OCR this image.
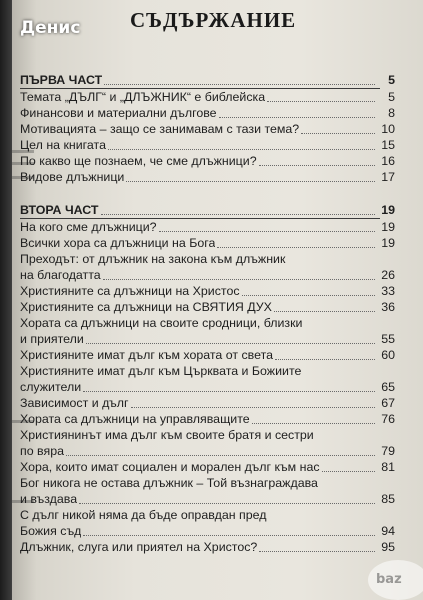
Денис СЪДЪРЖАНИЕ
ПЪРВА ЧАСТ	5
Темата „ДЪЛГ“ и „ДЛЪЖНИК“ е библейска	5
Финансови и материални дългове	8
Мотивацията – защо се занимавам с тази тема?	10
Цел на книгата	15
По какво ще познаем, че сме длъжници?	16
Видове длъжници	17
ВТОРА ЧАСТ	19
На кого сме длъжници?	19
Всички хора са длъжници на Бога	19
Преходът: от длъжник на закона към длъжник
на благодатта	26
Християните са длъжници на Христос	33
Християните са длъжници на СВЯТИЯ ДУХ	36
Хората са длъжници на своите сродници, близки
и приятели	55
Християните имат дълг към хората от света	60
Християните имат дълг към Църквата и Божиите
служители	65
Зависимост и дълг	67
Хората са длъжници на управляващите	76
Християнинът има дълг към своите братя и сестри
по вяра	79
Хора, които имат социален и морален дълг към нас	81
Бог никога не остава длъжник – Той възнаграждава
и въздава	85
С дълг никой няма да бъде оправдан пред
Божия съд	94
Длъжник, слуга или приятел на Христос?	95
baz
